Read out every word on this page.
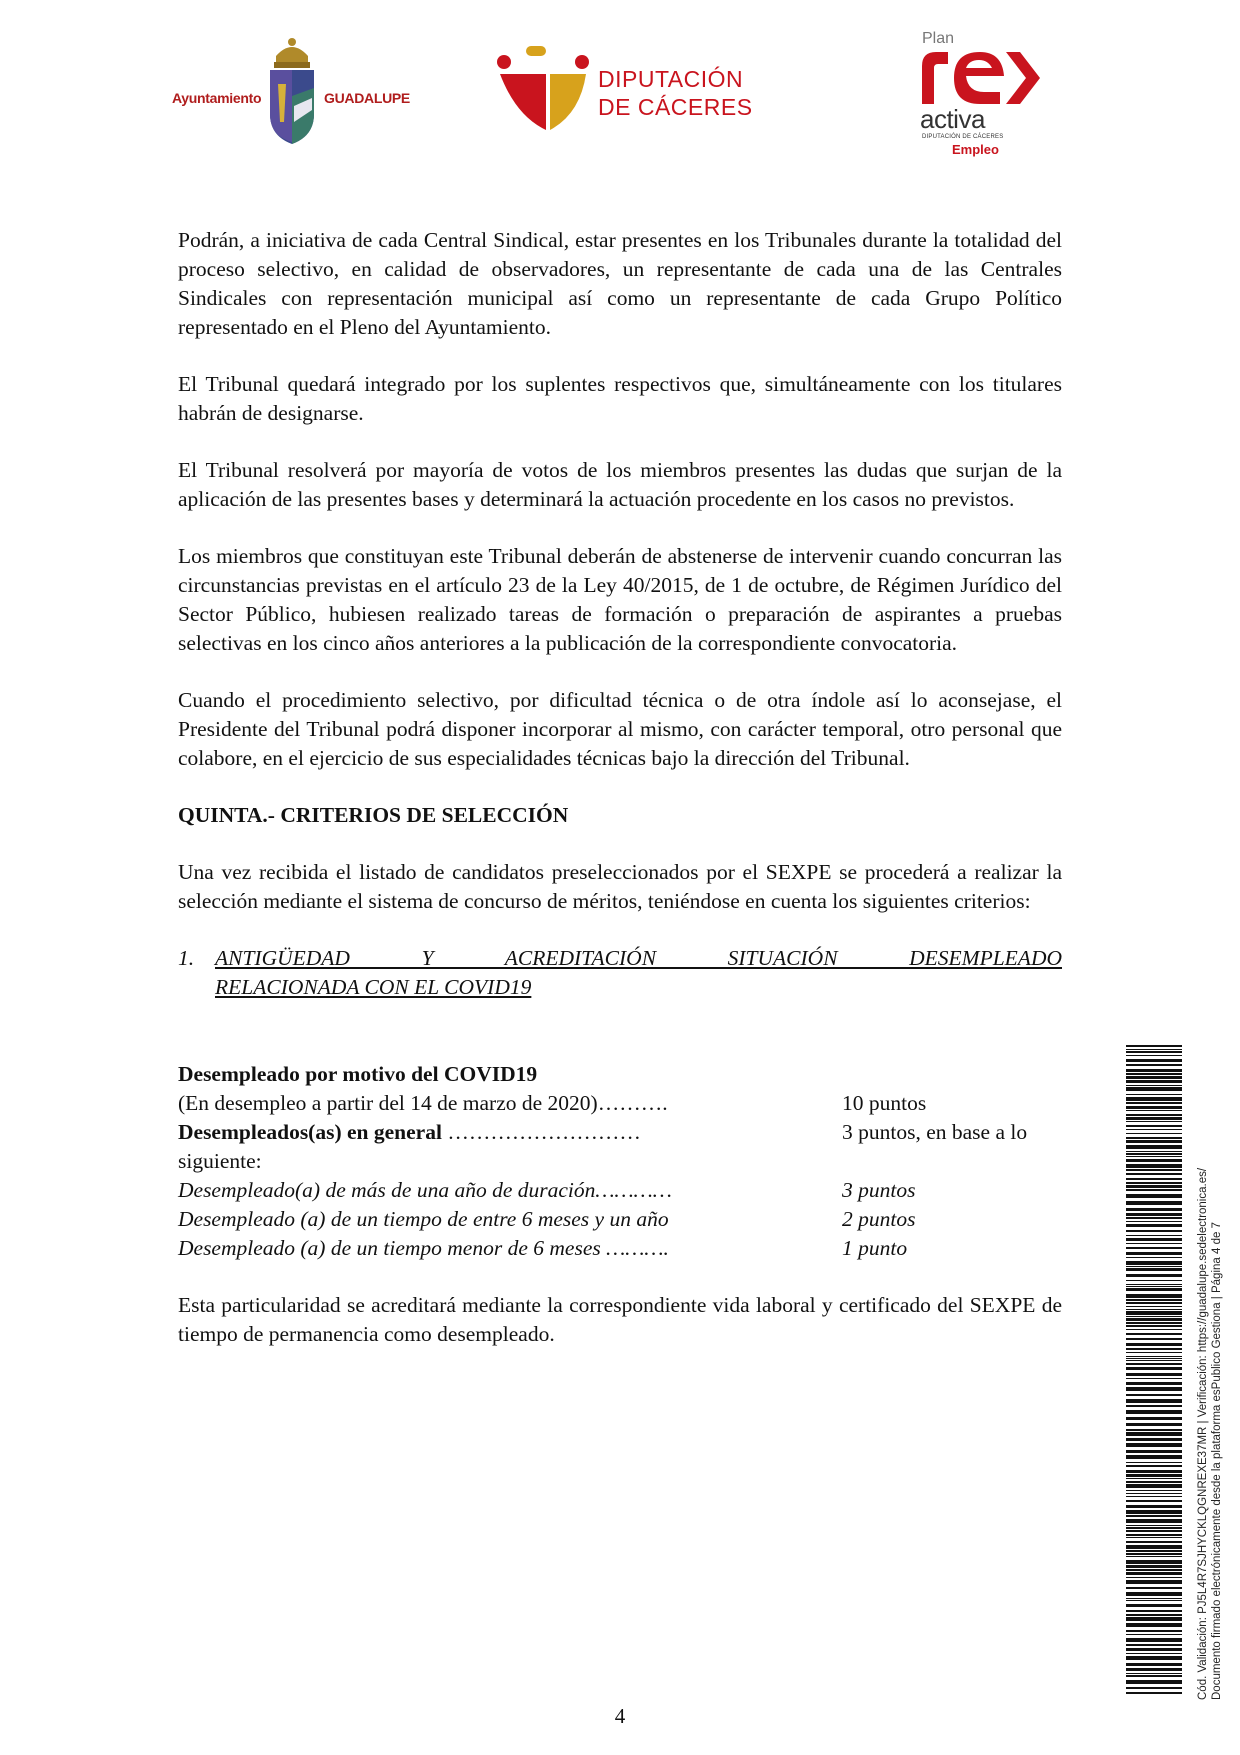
Ayuntamiento	GUADALUPE
DIPUTACIÓN
DE CÁCERES
Plan
activa
DIPUTACIÓN DE CÁCERES
Empleo

Podrán, a iniciativa de cada Central Sindical, estar presentes en los Tribunales durante la totalidad del proceso selectivo, en calidad de observadores, un representante de cada una de las Centrales Sindicales con representación municipal así como un representante de cada Grupo Político representado en el Pleno del Ayuntamiento.

El Tribunal quedará integrado por los suplentes respectivos que, simultáneamente con los titulares habrán de designarse.

El Tribunal resolverá por mayoría de votos de los miembros presentes las dudas que surjan de la aplicación de las presentes bases y determinará la actuación procedente en los casos no previstos.

Los miembros que constituyan este Tribunal deberán de abstenerse de intervenir cuando concurran las circunstancias previstas en el artículo 23 de la Ley 40/2015, de 1 de octubre, de Régimen Jurídico del Sector Público, hubiesen realizado tareas de formación o preparación de aspirantes a pruebas selectivas en los cinco años anteriores a la publicación de la correspondiente convocatoria.

Cuando el procedimiento selectivo, por dificultad técnica o de otra índole así lo aconsejase, el Presidente del Tribunal podrá disponer incorporar al mismo, con carácter temporal, otro personal que colabore, en el ejercicio de sus especialidades técnicas bajo la dirección del Tribunal.

QUINTA.- CRITERIOS DE SELECCIÓN

Una vez recibida el listado de candidatos preseleccionados por el SEXPE se procederá a realizar la selección mediante el sistema de concurso de méritos, teniéndose en cuenta los siguientes criterios:

1. ANTIGÜEDAD Y ACREDITACIÓN SITUACIÓN DESEMPLEADO
RELACIONADA CON EL COVID19
Desempleado por motivo del COVID19
(En desempleo a partir del 14 de marzo de 2020)……….	10 puntos
Desempleados(as) en general ………………………	3 puntos, en base a lo
siguiente:
Desempleado(a) de más de una año de duración…………	3 puntos
Desempleado (a) de un tiempo de entre 6 meses y un año	2 puntos
Desempleado (a) de un tiempo menor de 6 meses ……….	1 punto

Esta particularidad se acreditará mediante la correspondiente vida laboral y certificado del SEXPE de tiempo de permanencia como desempleado.	Cód. Validación: PJ5L4R7SJHYCKLQGNREXE37MR | Verificación: https://guadalupe.sedelectronica.es/ Documento firmado electrónicamente desde la plataforma esPublico Gestiona | Página 4 de 7
4
